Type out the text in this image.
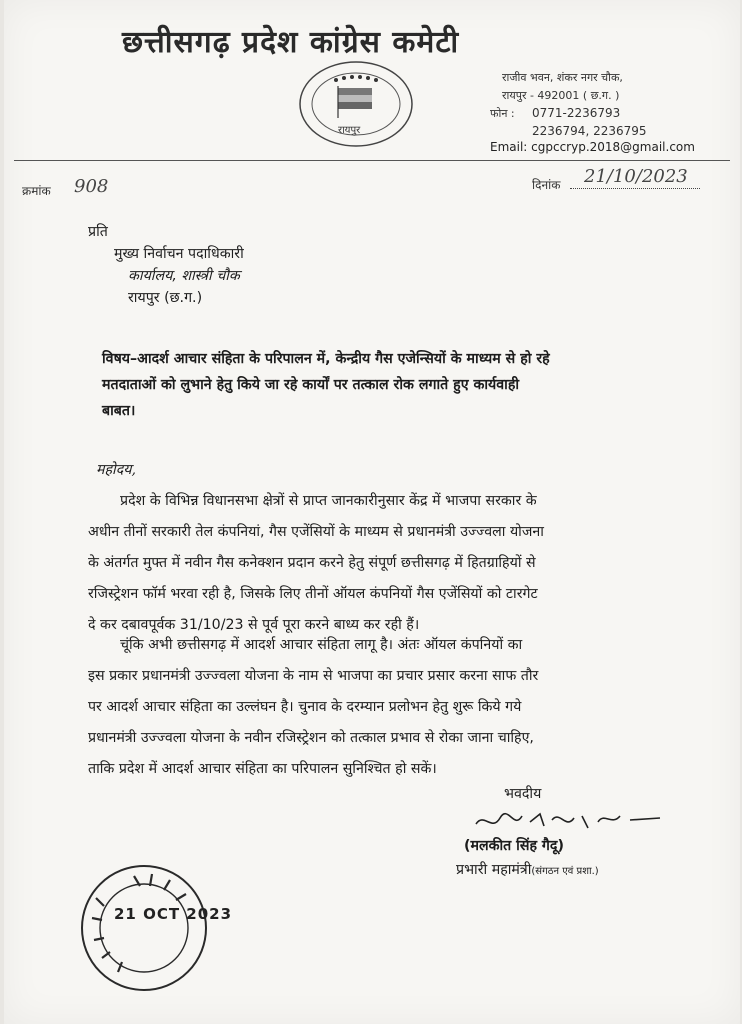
छत्तीसगढ़ प्रदेश कांग्रेस कमेटी
रायपुर
राजीव भवन, शंकर नगर चौक,
रायपुर - 492001 ( छ.ग. )
फोन : 0771-2236793
2236794, 2236795
Email: cgpccryp.2018@gmail.com

क्रमांक 908	दिनांक 21/10/2023
प्रति
मुख्य निर्वाचन पदाधिकारी
कार्यालय, शास्त्री चौक
रायपुर (छ.ग.)
विषय–आदर्श आचार संहिता के परिपालन में, केन्द्रीय गैस एजेन्सियों के माध्यम से हो रहे
मतदाताओं को लुभाने हेतु किये जा रहे कार्यों पर तत्काल रोक लगाते हुए कार्यवाही
बाबत।
महोदय,
प्रदेश के विभिन्न विधानसभा क्षेत्रों से प्राप्त जानकारीनुसार केंद्र में भाजपा सरकार के
अधीन तीनों सरकारी तेल कंपनियां, गैस एजेंसियों के माध्यम से प्रधानमंत्री उज्ज्वला योजना
के अंतर्गत मुफ्त में नवीन गैस कनेक्शन प्रदान करने हेतु संपूर्ण छत्तीसगढ़ में हितग्राहियों से
रजिस्ट्रेशन फॉर्म भरवा रही है, जिसके लिए तीनों ऑयल कंपनियों गैस एजेंसियों को टारगेट
दे कर दबावपूर्वक 31/10/23 से पूर्व पूरा करने बाध्य कर रही हैं।
चूंकि अभी छत्तीसगढ़ में आदर्श आचार संहिता लागू है। अंतः ऑयल कंपनियों का
इस प्रकार प्रधानमंत्री उज्ज्वला योजना के नाम से भाजपा का प्रचार प्रसार करना साफ तौर
पर आदर्श आचार संहिता का उल्लंघन है। चुनाव के दरम्यान प्रलोभन हेतु शुरू किये गये
प्रधानमंत्री उज्ज्वला योजना के नवीन रजिस्ट्रेशन को तत्काल प्रभाव से रोका जाना चाहिए,
ताकि प्रदेश में आदर्श आचार संहिता का परिपालन सुनिश्चित हो सकें।
भवदीय
(मलकीत सिंह गैदू)
प्रभारी महामंत्री(संगठन एवं प्रशा.)
21 OCT 2023
